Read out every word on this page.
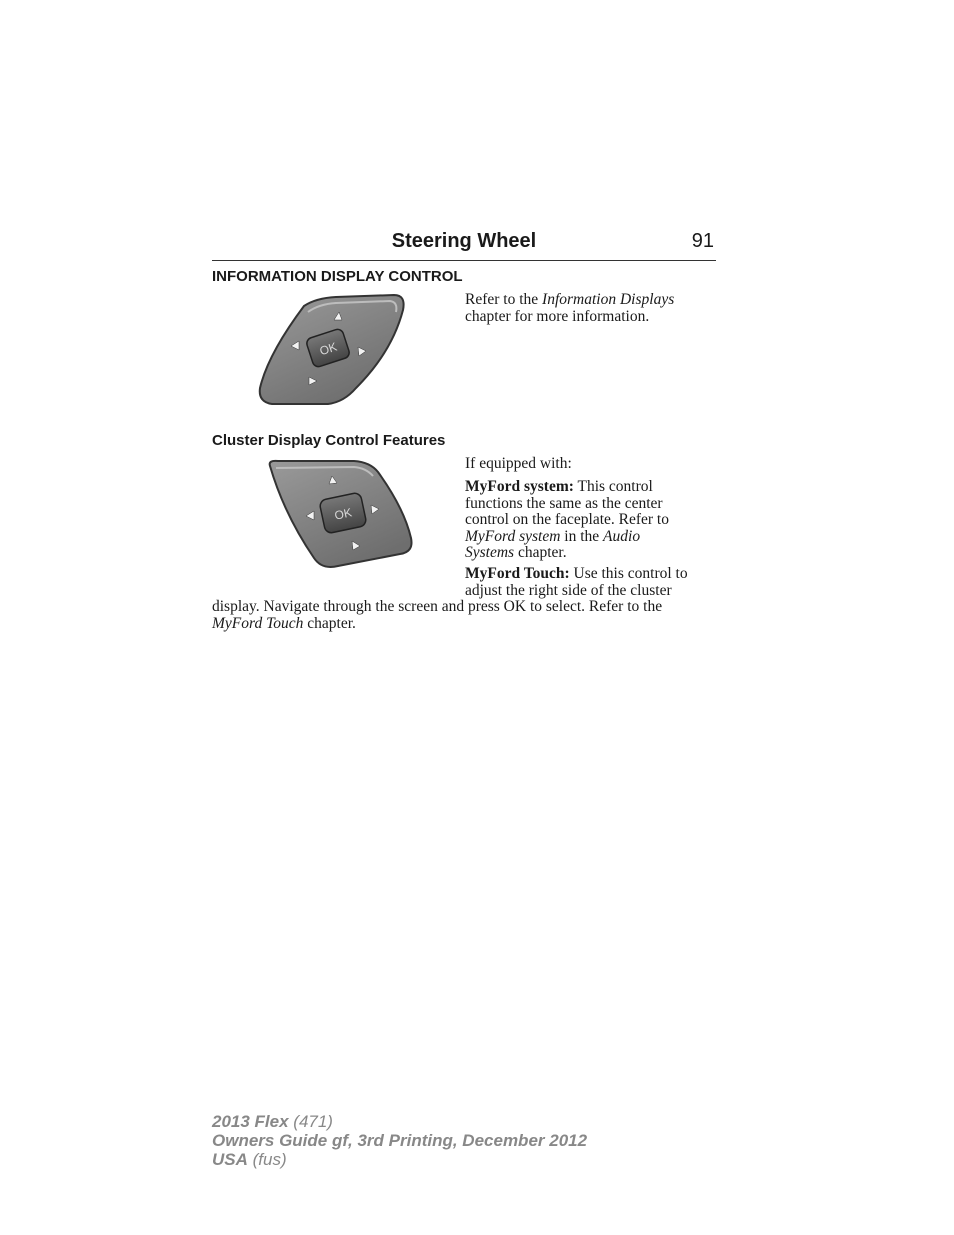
Steering Wheel	91
INFORMATION DISPLAY CONTROL
OK
Refer to the Information Displays
chapter for more information.
Cluster Display Control Features
OK
If equipped with:
MyFord system: This control
functions the same as the center
control on the faceplate. Refer to
MyFord system in the Audio
Systems chapter.
MyFord Touch: Use this control to
adjust the right side of the cluster
display. Navigate through the screen and press OK to select. Refer to the
MyFord Touch chapter.
2013 Flex (471)
Owners Guide gf, 3rd Printing, December 2012
USA (fus)
